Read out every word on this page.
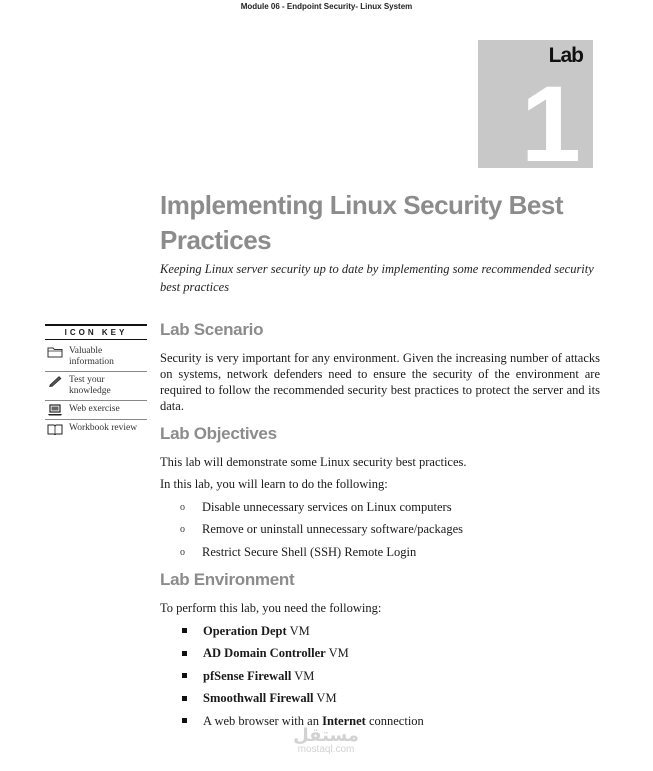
Module 06 - Endpoint Security- Linux System
Lab
1
Implementing Linux Security Best Practices
Keeping Linux server security up to date by implementing some recommended security best practices
ICON KEY
Valuable information
Test your knowledge
Web exercise
Workbook review
Lab Scenario

Security is very important for any environment. Given the increasing number of attacks on systems, network defenders need to ensure the security of the environment are required to follow the recommended security best practices to protect the server and its data.

Lab Objectives

This lab will demonstrate some Linux security best practices.

In this lab, you will learn to do the following:

o	Disable unnecessary services on Linux computers
o	Remove or uninstall unnecessary software/packages
o	Restrict Secure Shell (SSH) Remote Login
Lab Environment

To perform this lab, you need the following:

Operation Dept VM
AD Domain Controller VM
pfSense Firewall VM
Smoothwall Firewall VM
A web browser with an Internet connection
مستقل
mostaql.com
